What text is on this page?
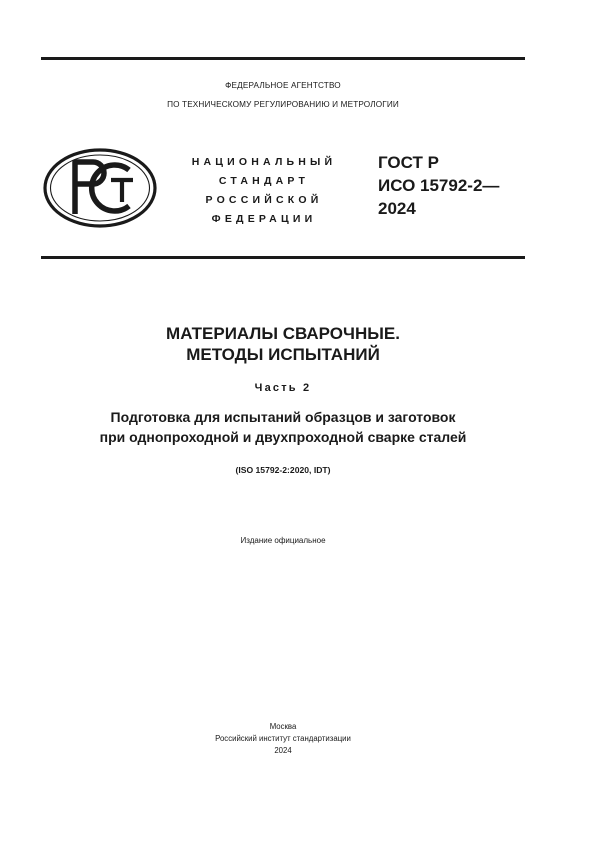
ФЕДЕРАЛЬНОЕ АГЕНТСТВО
ПО ТЕХНИЧЕСКОМУ РЕГУЛИРОВАНИЮ И МЕТРОЛОГИИ
НАЦИОНАЛЬНЫЙ
СТАНДАРТ
РОССИЙСКОЙ
ФЕДЕРАЦИИ
ГОСТ Р
ИСО 15792-2—
2024
МАТЕРИАЛЫ СВАРОЧНЫЕ.
МЕТОДЫ ИСПЫТАНИЙ
Часть 2
Подготовка для испытаний образцов и заготовок
при однопроходной и двухпроходной сварке сталей
(ISO 15792-2:2020, IDT)
Издание официальное
Москва
Российский институт стандартизации
2024
